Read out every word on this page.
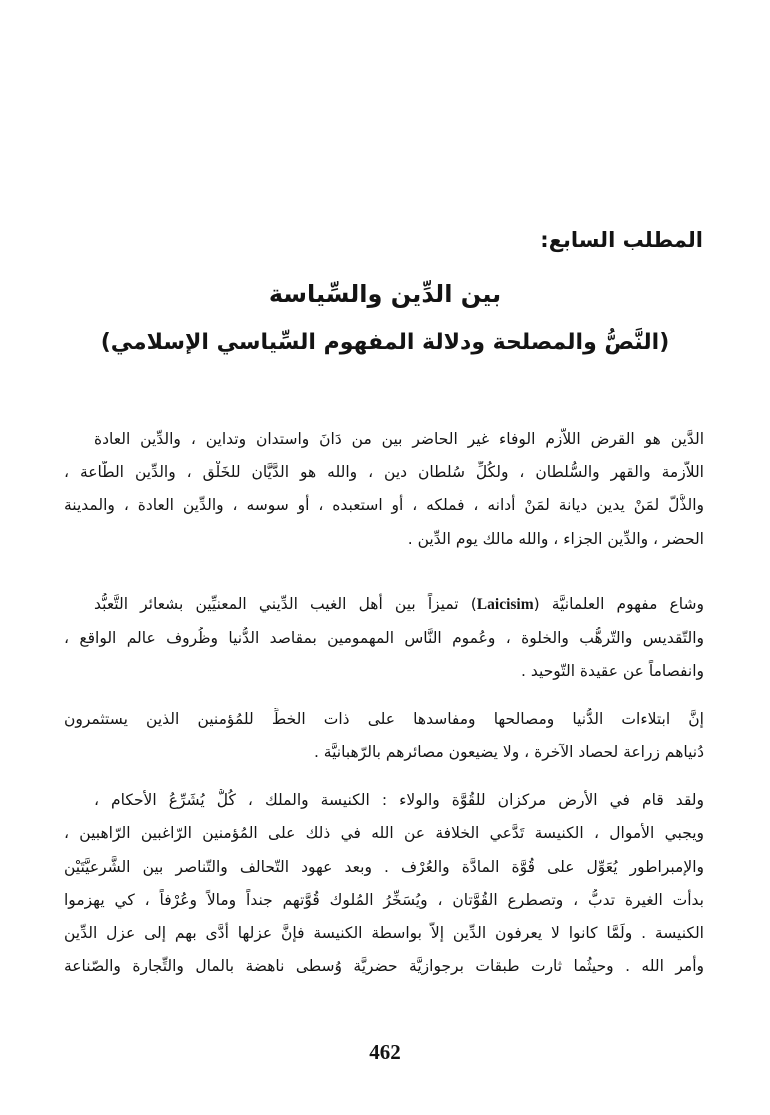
المطلب السابع:
بين الدِّين والسِّياسة
(النَّصُّ والمصلحة ودلالة المفهوم السِّياسي الإسلامي)
الدَّين هو القرض اللاَّزم الوفاء غير الحاضر بين من دَانَ واستدان وتداين ، والدِّين العادة
اللاَّزمة والقهر والسُّلطان ، ولكُلِّ سُلطان دين ، والله هو الدَّيَّان للخَلْق ، والدِّين الطَّاعة ،
والذُّلّ لمَنْ يدين ديانة لمَنْ أدانه ، فملكه ، أو استعبده ، أو سوسه ، والدِّين العادة ، والمدينة
الحضر ، والدِّين الجزاء ، والله مالك يوم الدِّين .
وشاع مفهوم العلمانيَّة (Laicisim) تميزاً بين أهل الغيب الدِّيني المعنيِّين بشعائر التَّعبُّد
والتّقديس والتّرهُّب والخلوة ، وعُموم النَّاس المهمومين بمقاصد الدُّنيا وظُروف عالم الواقع ،
وانفصاماً عن عقيدة التّوحيد .
إنَّ ابتلاءات الدُّنيا ومصالحها ومفاسدها على ذات الخطِّ للمُؤمنين الذين يستثمرون
دُنياهم زراعة لحصاد الآخرة ، ولا يضيعون مصائرهم بالرّهبانيَّة .
ولقد قام في الأرض مركزان للقُوَّة والولاء : الكنيسة والملك ، كُلٌّ يُشَرِّعُ الأحكام ،
ويجبي الأموال ، الكنيسة تَدَّعي الخلافة عن الله في ذلك على المُؤمنين الرّاغبين الرّاهبين ،
والإمبراطور يُعَوِّل على قُوَّة المادَّة والعُرْف . وبعد عهود التّحالف والتّناصر بين الشَّرعيَّتَيْن
بدأت الغيرة تدبُّ ، وتصطرع القُوَّتان ، ويُسَخِّرُ المُلوك قُوَّتهم جنداً ومالاً وعُرْفاً ، كي يهزموا
الكنيسة . ولَمَّا كانوا لا يعرفون الدِّين إلاَّ بواسطة الكنيسة فإنَّ عزلها أدَّى بهم إلى عزل الدِّين
وأمر الله . وحيثُما ثارت طبقات برجوازيَّة حضريَّة وُسطى ناهضة بالمال والتِّجارة والصّناعة
462
